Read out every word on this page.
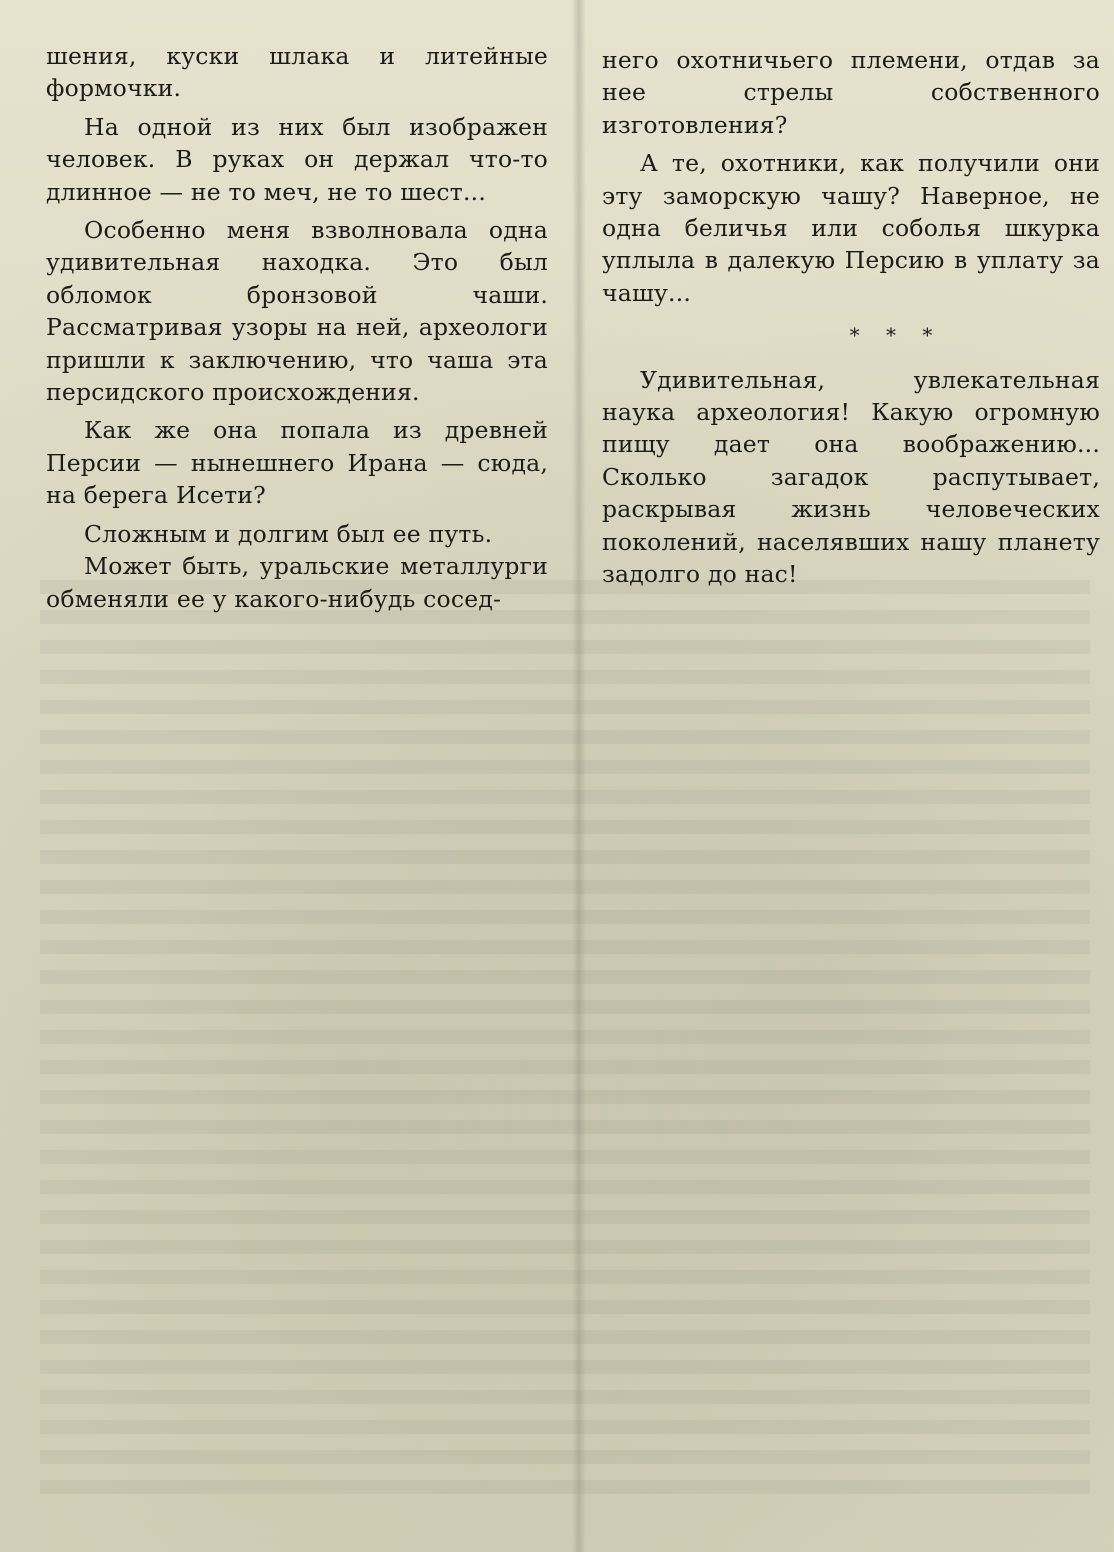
шения, куски шлака и литейные формочки.

На одной из них был изображен человек. В руках он держал что-то длинное — не то меч, не то шест...

Особенно меня взволновала одна удивительная находка. Это был обломок бронзовой чаши. Рассматривая узоры на ней, археологи пришли к заключению, что чаша эта персидского происхождения.

Как же она попала из древней Персии — нынешнего Ирана — сюда, на берега Исети?

Сложным и долгим был ее путь.

Может быть, уральские металлурги обменяли ее у какого-нибудь сосед-

него охотничьего племени, отдав за нее стрелы собственного изготовления?

А те, охотники, как получили они эту заморскую чашу? Наверное, не одна беличья или соболья шкурка уплыла в далекую Персию в уплату за чашу...

* * *

Удивительная, увлекательная наука археология! Какую огромную пищу дает она воображению... Сколько загадок распутывает, раскрывая жизнь человеческих поколений, населявших нашу планету задолго до нас!
